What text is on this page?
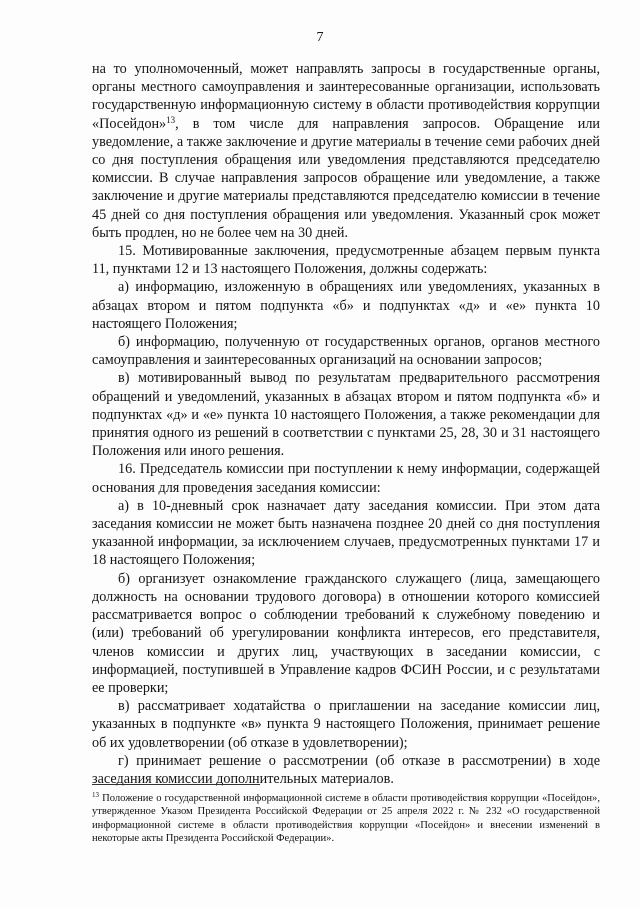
7

на то уполномоченный, может направлять запросы в государственные органы, органы местного самоуправления и заинтересованные организации, использовать государственную информационную систему в области противодействия коррупции «Посейдон»$^{13}$, в том числе для направления запросов. Обращение или уведомление, а также заключение и другие материалы в течение семи рабочих дней со дня поступления обращения или уведомления представляются председателю комиссии. В случае направления запросов обращение или уведомление, а также заключение и другие материалы представляются председателю комиссии в течение 45 дней со дня поступления обращения или уведомления. Указанный срок может быть продлен, но не более чем на 30 дней.

15. Мотивированные заключения, предусмотренные абзацем первым пункта 11, пунктами 12 и 13 настоящего Положения, должны содержать:

а) информацию, изложенную в обращениях или уведомлениях, указанных в абзацах втором и пятом подпункта «б» и подпунктах «д» и «е» пункта 10 настоящего Положения;

б) информацию, полученную от государственных органов, органов местного самоуправления и заинтересованных организаций на основании запросов;

в) мотивированный вывод по результатам предварительного рассмотрения обращений и уведомлений, указанных в абзацах втором и пятом подпункта «б» и подпунктах «д» и «е» пункта 10 настоящего Положения, а также рекомендации для принятия одного из решений в соответствии с пунктами 25, 28, 30 и 31 настоящего Положения или иного решения.

16. Председатель комиссии при поступлении к нему информации, содержащей основания для проведения заседания комиссии:

а) в 10-дневный срок назначает дату заседания комиссии. При этом дата заседания комиссии не может быть назначена позднее 20 дней со дня поступления указанной информации, за исключением случаев, предусмотренных пунктами 17 и 18 настоящего Положения;

б) организует ознакомление гражданского служащего (лица, замещающего должность на основании трудового договора) в отношении которого комиссией рассматривается вопрос о соблюдении требований к служебному поведению и (или) требований об урегулировании конфликта интересов, его представителя, членов комиссии и других лиц, участвующих в заседании комиссии, с информацией, поступившей в Управление кадров ФСИН России, и с результатами ее проверки;

в) рассматривает ходатайства о приглашении на заседание комиссии лиц, указанных в подпункте «в» пункта 9 настоящего Положения, принимает решение об их удовлетворении (об отказе в удовлетворении);

г) принимает решение о рассмотрении (об отказе в рассмотрении) в ходе заседания комиссии дополнительных материалов.

$^{13}$ Положение о государственной информационной системе в области противодействия коррупции «Посейдон», утвержденное Указом Президента Российской Федерации от 25 апреля 2022 г. № 232 «О государственной информационной системе в области противодействия коррупции «Посейдон» и внесении изменений в некоторые акты Президента Российской Федерации».
